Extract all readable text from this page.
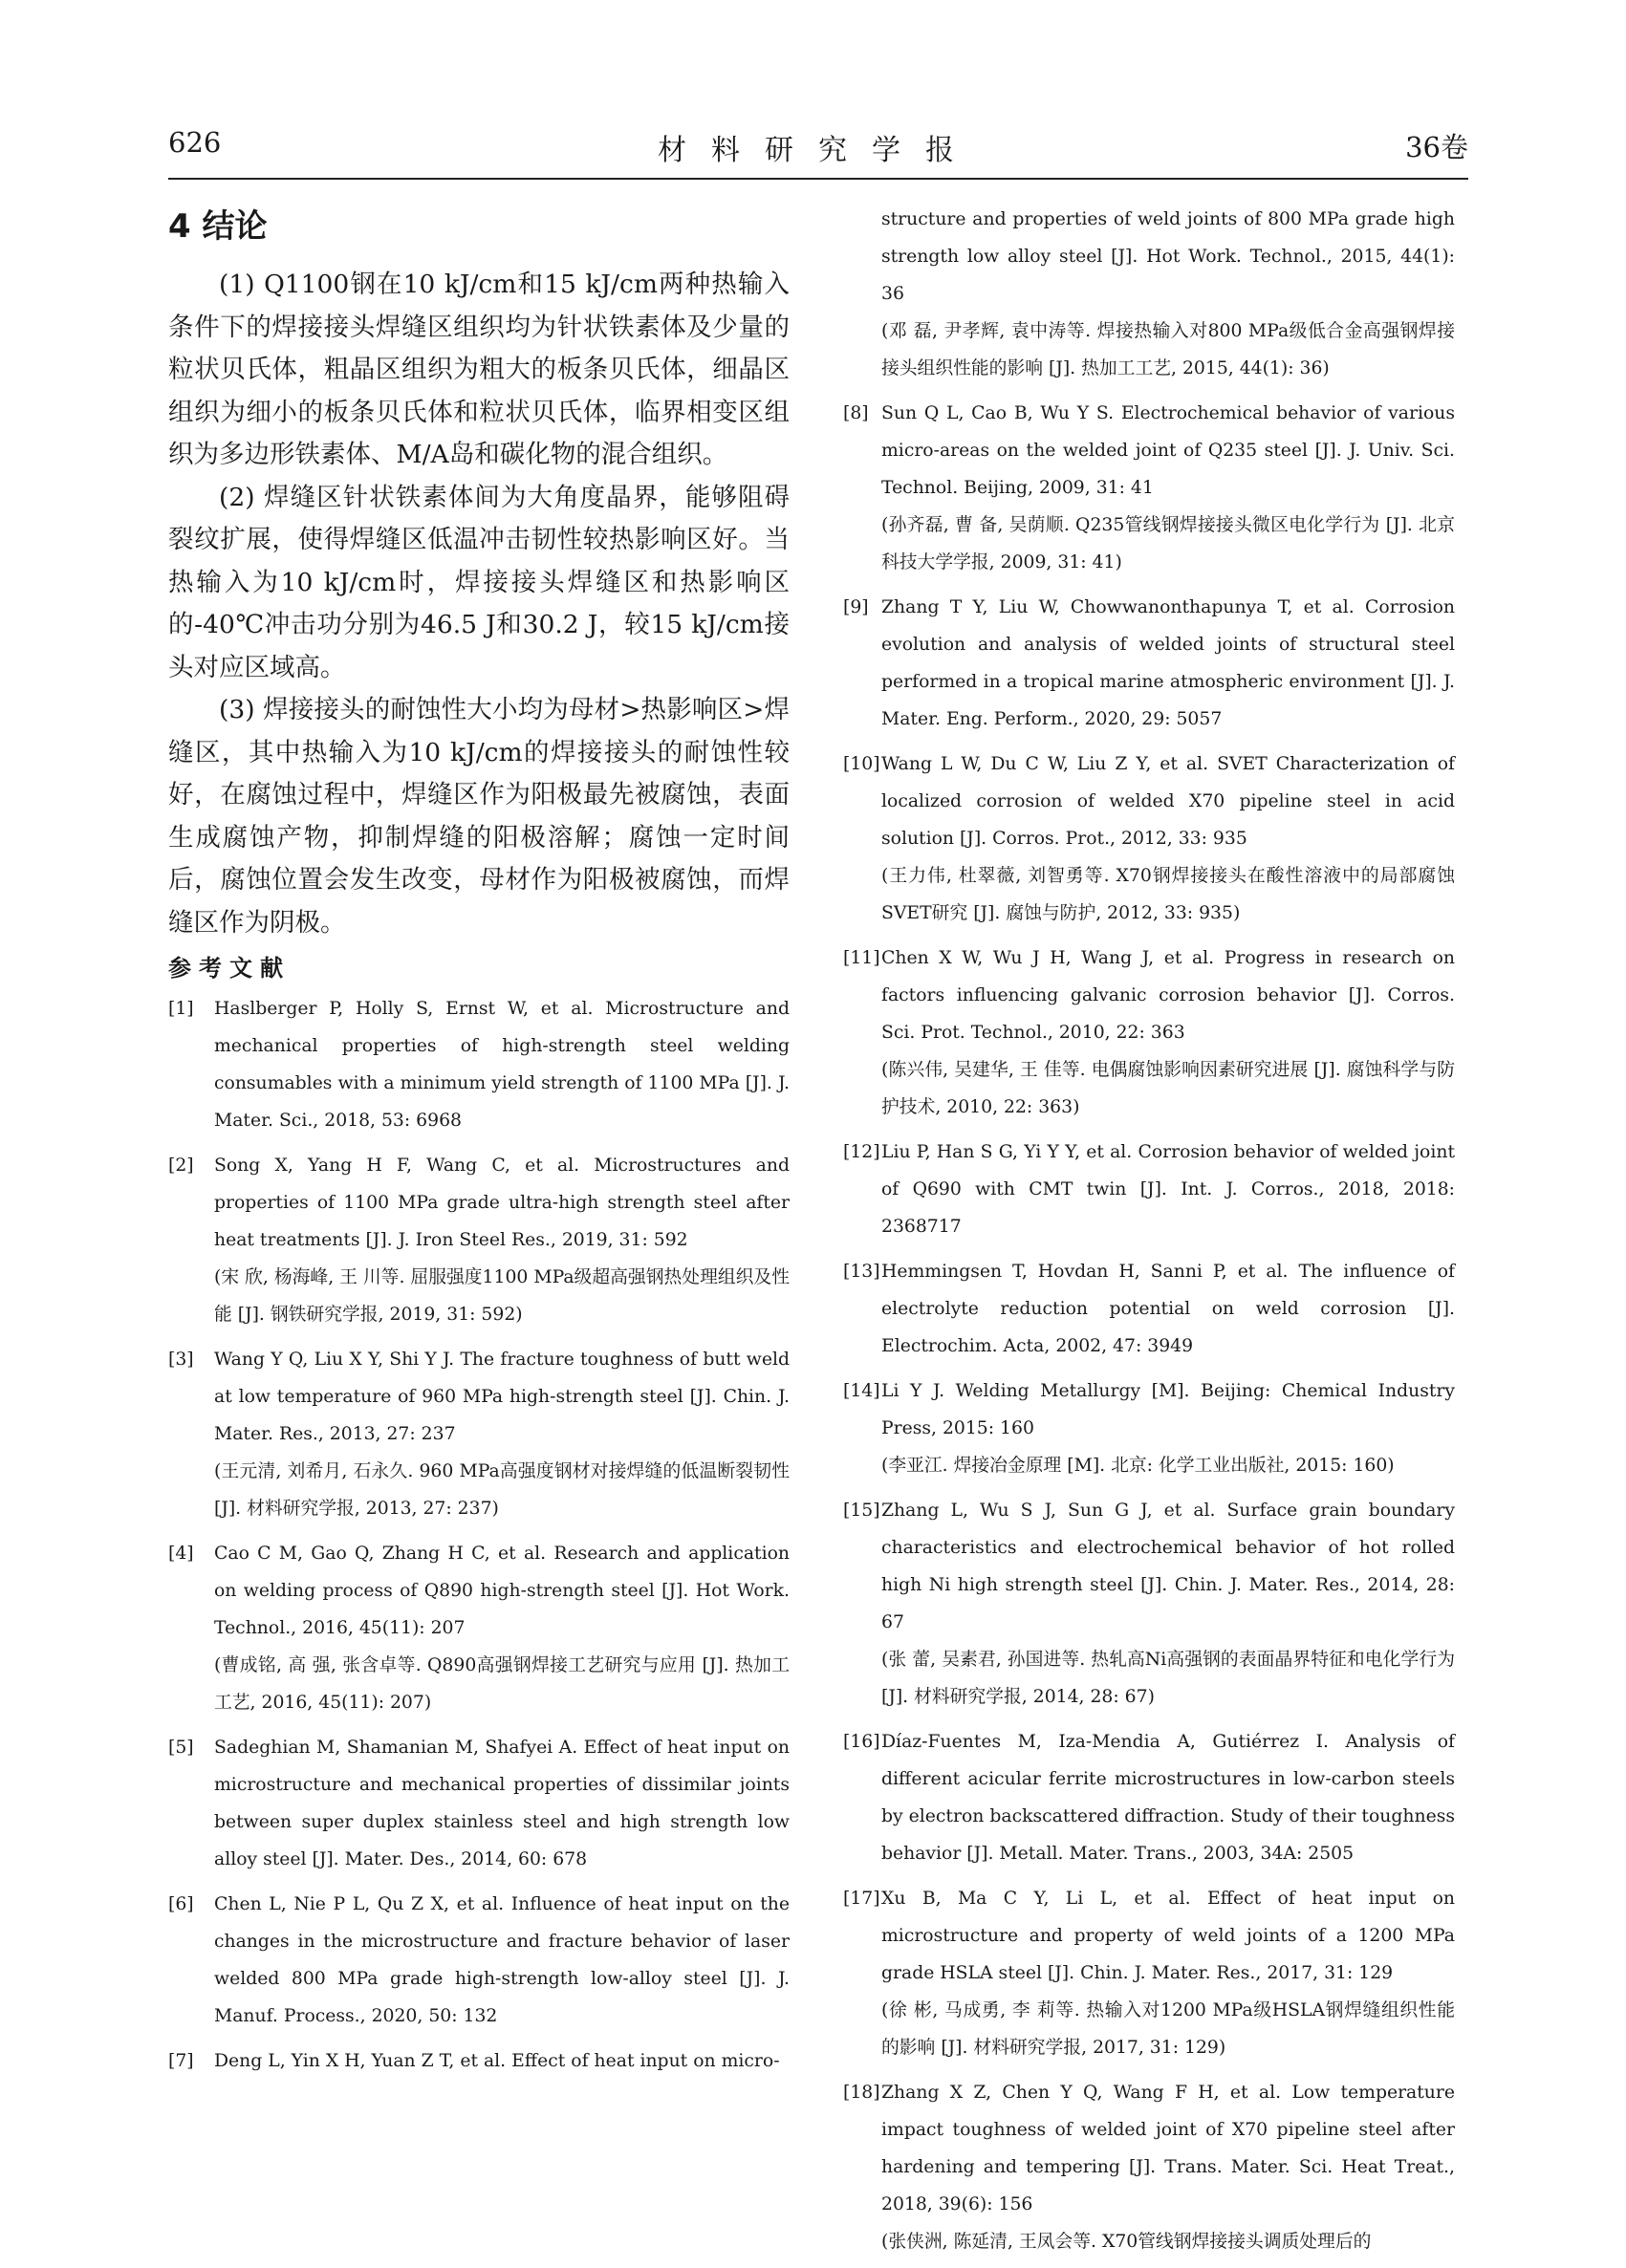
626	材料研究学报	36卷
4 结论

(1) Q1100钢在10 kJ/cm和15 kJ/cm两种热输入条件下的焊接接头焊缝区组织均为针状铁素体及少量的粒状贝氏体，粗晶区组织为粗大的板条贝氏体，细晶区组织为细小的板条贝氏体和粒状贝氏体，临界相变区组织为多边形铁素体、M/A岛和碳化物的混合组织。

(2) 焊缝区针状铁素体间为大角度晶界，能够阻碍裂纹扩展，使得焊缝区低温冲击韧性较热影响区好。当热输入为10 kJ/cm时，焊接接头焊缝区和热影响区的-40℃冲击功分别为46.5 J和30.2 J，较15 kJ/cm接头对应区域高。

(3) 焊接接头的耐蚀性大小均为母材>热影响区>焊缝区，其中热输入为10 kJ/cm的焊接接头的耐蚀性较好，在腐蚀过程中，焊缝区作为阳极最先被腐蚀，表面生成腐蚀产物，抑制焊缝的阳极溶解；腐蚀一定时间后，腐蚀位置会发生改变，母材作为阳极被腐蚀，而焊缝区作为阴极。

参考文献
[1] Haslberger P, Holly S, Ernst W, et al. Microstructure and mechanical properties of high-strength steel welding consumables with a minimum yield strength of 1100 MPa [J]. J. Mater. Sci., 2018, 53: 6968
[2] Song X, Yang H F, Wang C, et al. Microstructures and properties of 1100 MPa grade ultra-high strength steel after heat treatments [J]. J. Iron Steel Res., 2019, 31: 592
(宋 欣, 杨海峰, 王 川等. 屈服强度1100 MPa级超高强钢热处理组织及性能 [J]. 钢铁研究学报, 2019, 31: 592)
[3] Wang Y Q, Liu X Y, Shi Y J. The fracture toughness of butt weld at low temperature of 960 MPa high-strength steel [J]. Chin. J. Mater. Res., 2013, 27: 237
(王元清, 刘希月, 石永久. 960 MPa高强度钢材对接焊缝的低温断裂韧性 [J]. 材料研究学报, 2013, 27: 237)
[4] Cao C M, Gao Q, Zhang H C, et al. Research and application on welding process of Q890 high-strength steel [J]. Hot Work. Technol., 2016, 45(11): 207
(曹成铭, 高 强, 张含卓等. Q890高强钢焊接工艺研究与应用 [J]. 热加工工艺, 2016, 45(11): 207)
[5] Sadeghian M, Shamanian M, Shafyei A. Effect of heat input on microstructure and mechanical properties of dissimilar joints between super duplex stainless steel and high strength low alloy steel [J]. Mater. Des., 2014, 60: 678
[6] Chen L, Nie P L, Qu Z X, et al. Influence of heat input on the changes in the microstructure and fracture behavior of laser welded 800 MPa grade high-strength low-alloy steel [J]. J. Manuf. Process., 2020, 50: 132
[7] Deng L, Yin X H, Yuan Z T, et al. Effect of heat input on micro-
structure and properties of weld joints of 800 MPa grade high strength low alloy steel [J]. Hot Work. Technol., 2015, 44(1): 36
(邓 磊, 尹孝辉, 袁中涛等. 焊接热输入对800 MPa级低合金高强钢焊接接头组织性能的影响 [J]. 热加工工艺, 2015, 44(1): 36)
[8] Sun Q L, Cao B, Wu Y S. Electrochemical behavior of various micro-areas on the welded joint of Q235 steel [J]. J. Univ. Sci. Technol. Beijing, 2009, 31: 41
(孙齐磊, 曹 备, 吴荫顺. Q235管线钢焊接接头微区电化学行为 [J]. 北京科技大学学报, 2009, 31: 41)
[9] Zhang T Y, Liu W, Chowwanonthapunya T, et al. Corrosion evolution and analysis of welded joints of structural steel performed in a tropical marine atmospheric environment [J]. J. Mater. Eng. Perform., 2020, 29: 5057
[10] Wang L W, Du C W, Liu Z Y, et al. SVET Characterization of localized corrosion of welded X70 pipeline steel in acid solution [J]. Corros. Prot., 2012, 33: 935
(王力伟, 杜翠薇, 刘智勇等. X70钢焊接接头在酸性溶液中的局部腐蚀SVET研究 [J]. 腐蚀与防护, 2012, 33: 935)
[11] Chen X W, Wu J H, Wang J, et al. Progress in research on factors influencing galvanic corrosion behavior [J]. Corros. Sci. Prot. Technol., 2010, 22: 363
(陈兴伟, 吴建华, 王 佳等. 电偶腐蚀影响因素研究进展 [J]. 腐蚀科学与防护技术, 2010, 22: 363)
[12] Liu P, Han S G, Yi Y Y, et al. Corrosion behavior of welded joint of Q690 with CMT twin [J]. Int. J. Corros., 2018, 2018: 2368717
[13] Hemmingsen T, Hovdan H, Sanni P, et al. The influence of electrolyte reduction potential on weld corrosion [J]. Electrochim. Acta, 2002, 47: 3949
[14] Li Y J. Welding Metallurgy [M]. Beijing: Chemical Industry Press, 2015: 160
(李亚江. 焊接冶金原理 [M]. 北京: 化学工业出版社, 2015: 160)
[15] Zhang L, Wu S J, Sun G J, et al. Surface grain boundary characteristics and electrochemical behavior of hot rolled high Ni high strength steel [J]. Chin. J. Mater. Res., 2014, 28: 67
(张 蕾, 吴素君, 孙国进等. 热轧高Ni高强钢的表面晶界特征和电化学行为 [J]. 材料研究学报, 2014, 28: 67)
[16] Díaz-Fuentes M, Iza-Mendia A, Gutiérrez I. Analysis of different acicular ferrite microstructures in low-carbon steels by electron backscattered diffraction. Study of their toughness behavior [J]. Metall. Mater. Trans., 2003, 34A: 2505
[17] Xu B, Ma C Y, Li L, et al. Effect of heat input on microstructure and property of weld joints of a 1200 MPa grade HSLA steel [J]. Chin. J. Mater. Res., 2017, 31: 129
(徐 彬, 马成勇, 李 莉等. 热输入对1200 MPa级HSLA钢焊缝组织性能的影响 [J]. 材料研究学报, 2017, 31: 129)
[18] Zhang X Z, Chen Y Q, Wang F H, et al. Low temperature impact toughness of welded joint of X70 pipeline steel after hardening and tempering [J]. Trans. Mater. Sci. Heat Treat., 2018, 39(6): 156
(张侠洲, 陈延清, 王凤会等. X70管线钢焊接接头调质处理后的
